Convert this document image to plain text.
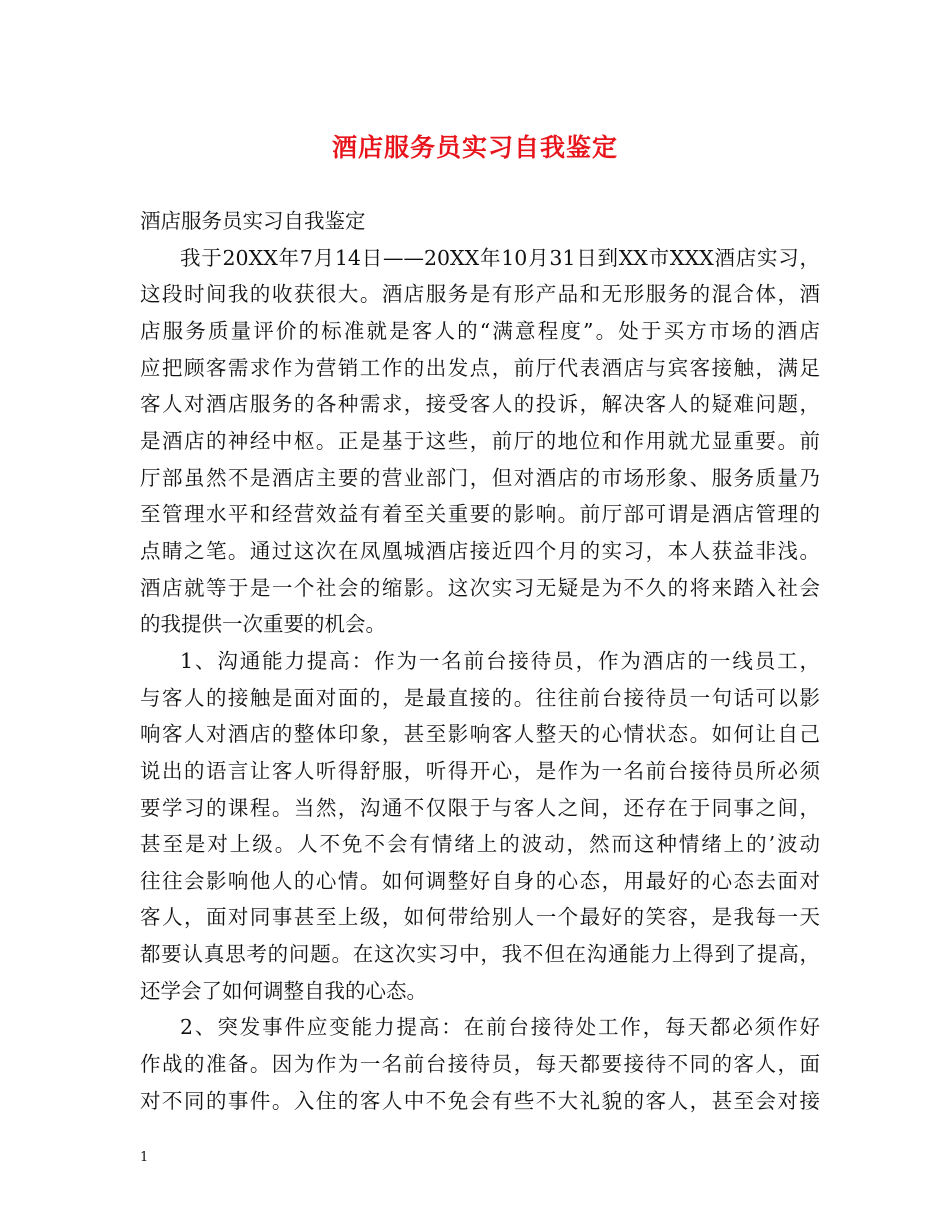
酒店服务员实习自我鉴定
酒店服务员实习自我鉴定
我于20XX年7月14日——20XX年10月31日到XX市XXX酒店实习，
这段时间我的收获很大。酒店服务是有形产品和无形服务的混合体，酒
店服务质量评价的标准就是客人的“满意程度”。处于买方市场的酒店
应把顾客需求作为营销工作的出发点，前厅代表酒店与宾客接触，满足
客人对酒店服务的各种需求，接受客人的投诉，解决客人的疑难问题，
是酒店的神经中枢。正是基于这些，前厅的地位和作用就尤显重要。前
厅部虽然不是酒店主要的营业部门，但对酒店的市场形象、服务质量乃
至管理水平和经营效益有着至关重要的影响。前厅部可谓是酒店管理的
点睛之笔。通过这次在凤凰城酒店接近四个月的实习，本人获益非浅。
酒店就等于是一个社会的缩影。这次实习无疑是为不久的将来踏入社会
的我提供一次重要的机会。
1、沟通能力提高：作为一名前台接待员，作为酒店的一线员工，
与客人的接触是面对面的，是最直接的。往往前台接待员一句话可以影
响客人对酒店的整体印象，甚至影响客人整天的心情状态。如何让自己
说出的语言让客人听得舒服，听得开心，是作为一名前台接待员所必须
要学习的课程。当然，沟通不仅限于与客人之间，还存在于同事之间，
甚至是对上级。人不免不会有情绪上的波动，然而这种情绪上的’波动
往往会影响他人的心情。如何调整好自身的心态，用最好的心态去面对
客人，面对同事甚至上级，如何带给别人一个最好的笑容，是我每一天
都要认真思考的问题。在这次实习中，我不但在沟通能力上得到了提高，
还学会了如何调整自我的心态。
2、突发事件应变能力提高：在前台接待处工作，每天都必须作好
作战的准备。因为作为一名前台接待员，每天都要接待不同的客人，面
对不同的事件。入住的客人中不免会有些不大礼貌的客人，甚至会对接
1
